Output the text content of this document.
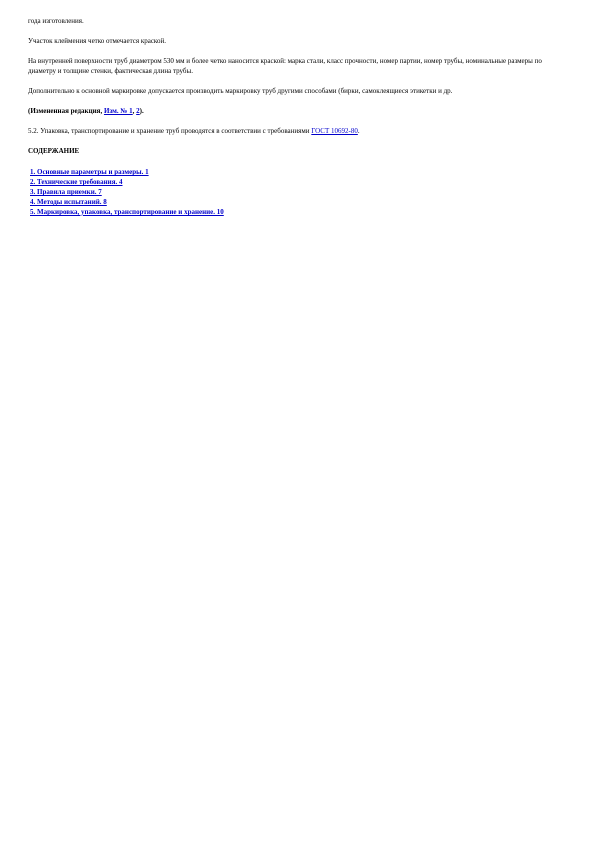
года изготовления.

Участок клеймения четко отмечается краской.

На внутренней поверхности труб диаметром 530 мм и более четко наносится краской: марка стали, класс прочности, номер партии, номер трубы, номинальные размеры по диаметру и толщине стенки, фактическая длина трубы.

Дополнительно к основной маркировке допускается производить маркировку труб другими способами (бирки, самоклеящиеся этикетки и др.

(Измененная редакция, Изм. № 1, 2).

5.2. Упаковка, транспортирование и хранение труб проводятся в соответствии с требованиями ГОСТ 10692-80.

СОДЕРЖАНИЕ

1. Основные параметры и размеры. 1
2. Технические требования. 4
3. Правила приемки. 7
4. Методы испытаний. 8
5. Маркировка, упаковка, транспортирование и хранение. 10
